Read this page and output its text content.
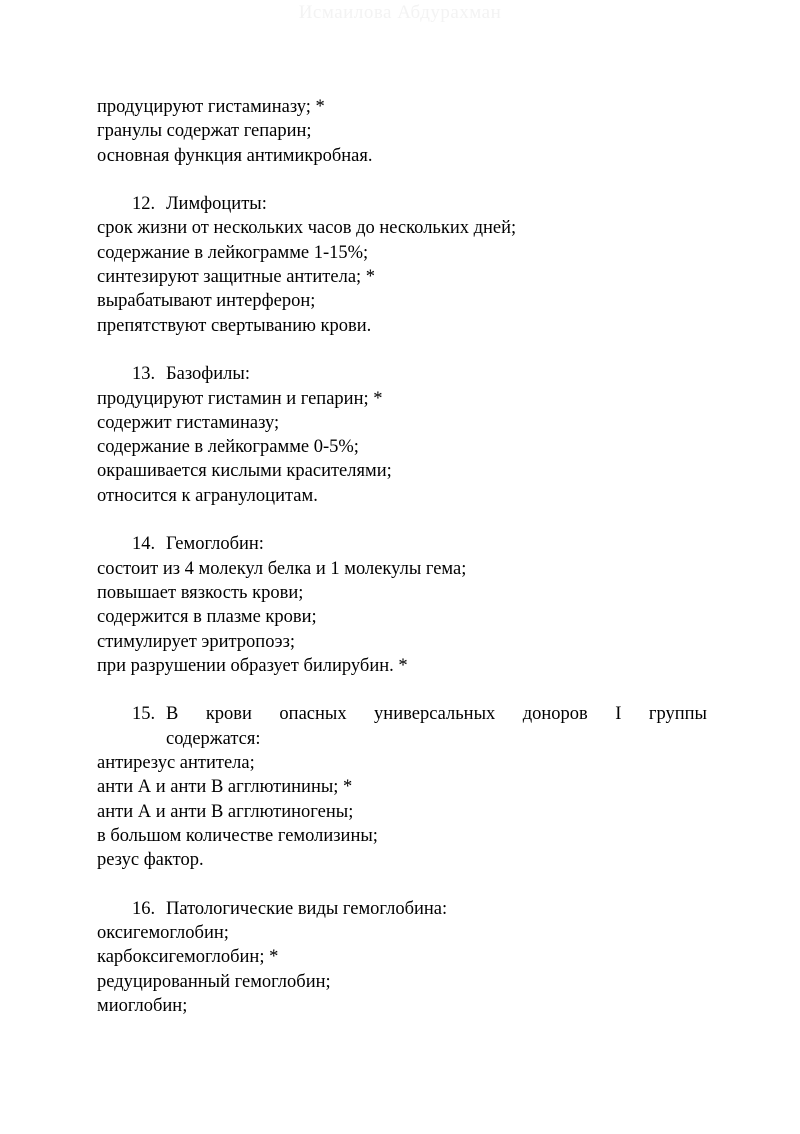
Исмаилова Абдурахман
продуцируют гистаминазу; *
гранулы содержат гепарин;
основная функция антимикробная.
12. Лимфоциты:
срок жизни от нескольких часов до нескольких дней;
содержание в лейкограмме 1-15%;
синтезируют защитные антитела; *
вырабатывают интерферон;
препятствуют свертыванию крови.
13. Базофилы:
продуцируют гистамин и гепарин; *
содержит гистаминазу;
содержание в лейкограмме 0-5%;
окрашивается кислыми красителями;
относится к агранулоцитам.
14. Гемоглобин:
состоит из 4 молекул белка и 1 молекулы гема;
повышает вязкость крови;
содержится в плазме крови;
стимулирует эритропоэз;
при разрушении образует билирубин. *
15. В крови опасных универсальных доноров I группы
содержатся:
антирезус антитела;
анти А и анти В агглютинины; *
анти А и анти В агглютиногены;
в большом количестве гемолизины;
резус фактор.
16. Патологические виды гемоглобина:
оксигемоглобин;
карбоксигемоглобин; *
редуцированный гемоглобин;
миоглобин;
